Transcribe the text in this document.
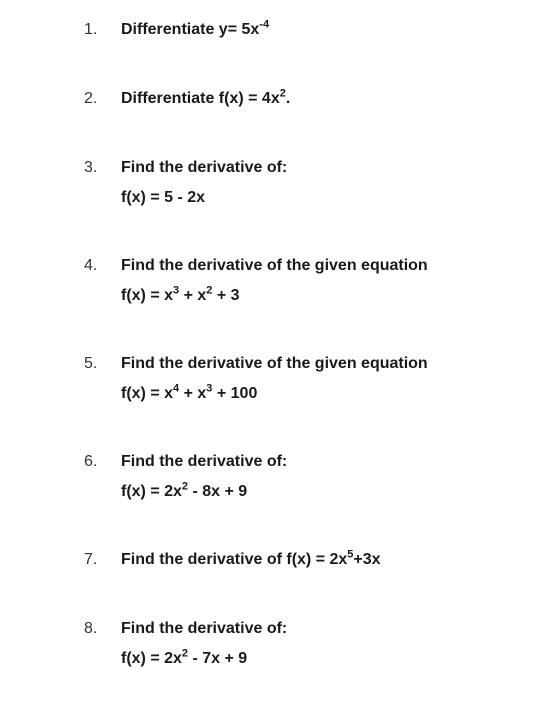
1.	Differentiate $y= 5x^{-4}$
2.	Differentiate $f(x) = 4x^2$.
3.	Find the derivative of:
f(x) = 5 - 2x
4.	Find the derivative of the given equation
$f(x) = x^3 + x^2 + 3$
5.	Find the derivative of the given equation
$f(x) = x^4 + x^3 + 100$
6.	Find the derivative of:
$f(x) = 2x^2 - 8x + 9$
7.	Find the derivative of $f(x) = 2x^5+3x$
8.	Find the derivative of:
$f(x) = 2x^2 - 7x + 9$
